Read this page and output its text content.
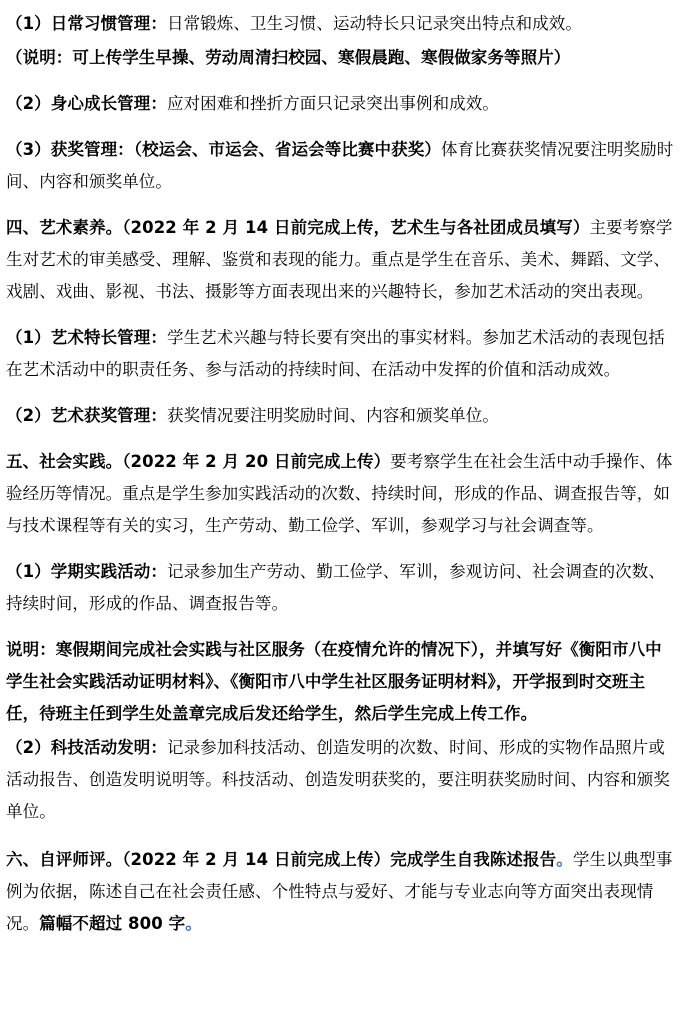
（1）日常习惯管理：日常锻炼、卫生习惯、运动特长只记录突出特点和成效。

（说明：可上传学生早操、劳动周清扫校园、寒假晨跑、寒假做家务等照片）

（2）身心成长管理：应对困难和挫折方面只记录突出事例和成效。

（3）获奖管理：（校运会、市运会、省运会等比赛中获奖）体育比赛获奖情况要注明奖励时间、内容和颁奖单位。

四、艺术素养。（2022 年 2 月 14 日前完成上传，艺术生与各社团成员填写）主要考察学生对艺术的审美感受、理解、鉴赏和表现的能力。重点是学生在音乐、美术、舞蹈、文学、戏剧、戏曲、影视、书法、摄影等方面表现出来的兴趣特长，参加艺术活动的突出表现。

（1）艺术特长管理：学生艺术兴趣与特长要有突出的事实材料。参加艺术活动的表现包括在艺术活动中的职责任务、参与活动的持续时间、在活动中发挥的价值和活动成效。

（2）艺术获奖管理：获奖情况要注明奖励时间、内容和颁奖单位。

五、社会实践。（2022 年 2 月 20 日前完成上传）要考察学生在社会生活中动手操作、体验经历等情况。重点是学生参加实践活动的次数、持续时间，形成的作品、调查报告等，如与技术课程等有关的实习，生产劳动、勤工俭学、军训，参观学习与社会调查等。

（1）学期实践活动：记录参加生产劳动、勤工俭学、军训，参观访问、社会调查的次数、持续时间，形成的作品、调查报告等。

说明：寒假期间完成社会实践与社区服务（在疫情允许的情况下），并填写好《衡阳市八中学生社会实践活动证明材料》、《衡阳市八中学生社区服务证明材料》，开学报到时交班主任，待班主任到学生处盖章完成后发还给学生，然后学生完成上传工作。

（2）科技活动发明：记录参加科技活动、创造发明的次数、时间、形成的实物作品照片或活动报告、创造发明说明等。科技活动、创造发明获奖的，要注明获奖励时间、内容和颁奖单位。

六、自评师评。（2022 年 2 月 14 日前完成上传）完成学生自我陈述报告。学生以典型事例为依据，陈述自己在社会责任感、个性特点与爱好、才能与专业志向等方面突出表现情况。篇幅不超过 800 字。
